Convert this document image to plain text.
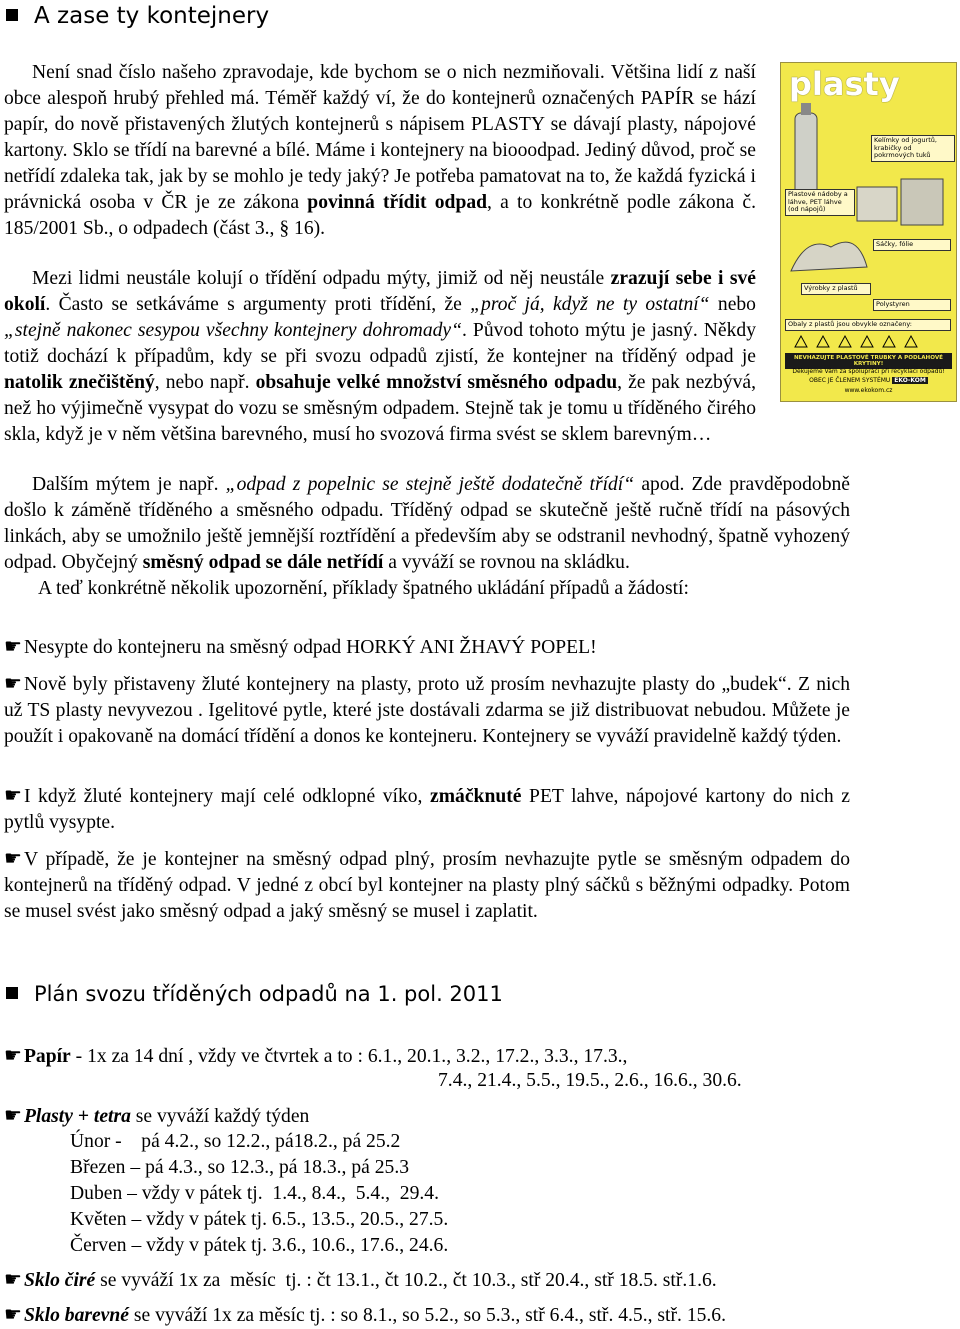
A zase ty kontejnery
plasty
Kelímky od jogurtů, krabičky od pokrmových tuků
Plastové nádoby a láhve, PET láhve (od nápojů)
Sáčky, fólie
Výrobky z plastů
Polystyren
Obaly z plastů jsou obvykle označeny:
NEVHAZUJTE PLASTOVÉ TRUBKY A PODLAHOVÉ KRYTINY!
Děkujeme Vám za spolupráci při recyklaci odpadů!
OBEC JE ČLENEM SYSTÉMU EKO-KOM
www.ekokom.cz

Není snad číslo našeho zpravodaje, kde bychom se o nich nezmiňovali. Většina lidí z naší obce alespoň hrubý přehled má. Téměř každý ví, že do kontejnerů označených PAPÍR se hází papír, do nově přistavených žlutých kontejnerů s nápisem PLASTY se dávají plasty, nápojové kartony. Sklo se třídí na barevné a bílé. Máme i kontejnery na biooodpad. Jediný důvod, proč se netřídí zdaleka tak, jak by se mohlo je tedy jaký? Je potřeba pamatovat na to, že každá fyzická i právnická osoba v ČR je ze zákona povinná třídit odpad, a to konkrétně podle zákona č. 185/2001 Sb., o odpadech (část 3., § 16).

Mezi lidmi neustále kolují o třídění odpadu mýty, jimiž od něj neustále zrazují sebe i své okolí. Často se setkáváme s argumenty proti třídění, že „proč já, když ne ty ostatní“ nebo „stejně nakonec sesypou všechny kontejnery dohromady“. Původ tohoto mýtu je jasný. Někdy totiž dochází k případům, kdy se při svozu odpadů zjistí, že kontejner na tříděný odpad je natolik znečištěný, nebo např. obsahuje velké množství směsného odpadu, že pak nezbývá, než ho výjimečně vysypat do vozu se směsným odpadem. Stejně tak je tomu u tříděného čirého skla, když je v něm většina barevného, musí ho svozová firma svést se sklem barevným…

Dalším mýtem je např. „odpad z popelnic se stejně ještě dodatečně třídí“ apod. Zde pravděpodobně došlo k záměně tříděného a směsného odpadu. Tříděný odpad se skutečně ještě ručně třídí na pásových linkách, aby se umožnilo ještě jemnější roztřídění a především aby se odstranil nevhodný, špatně vyhozený odpad. Obyčejný směsný odpad se dále netřídí a vyváží se rovnou na skládku.

A teď konkrétně několik upozornění, příklady špatného ukládání případů a žádostí:

☛ Nesypte do kontejneru na směsný odpad HORKÝ ANI ŽHAVÝ POPEL!

☛ Nově byly přistaveny žluté kontejnery na plasty, proto už prosím nevhazujte plasty do „budek“. Z nich už TS plasty nevyvezou . Igelitové pytle, které jste dostávali zdarma se již distribuovat nebudou. Můžete je použít i opakovaně na domácí třídění a donos ke kontejneru. Kontejnery se vyváží pravidelně každý týden.

☛ I když žluté kontejnery mají celé odklopné víko, zmáčknuté PET lahve, nápojové kartony do nich z pytlů vysypte.

☛ V případě, že je kontejner na směsný odpad plný, prosím nevhazujte pytle se směsným odpadem do kontejnerů na tříděný odpad. V jedné z obcí byl kontejner na plasty plný sáčků s běžnými odpadky. Potom se musel svést jako směsný odpad a jaký směsný se musel i zaplatit.

Plán svozu tříděných odpadů na 1. pol. 2011
☛ Papír - 1x za 14 dní , vždy ve čtvrtek a to : 6.1., 20.1., 3.2., 17.2., 3.3., 17.3.,
7.4., 21.4., 5.5., 19.5., 2.6., 16.6., 30.6.
☛ Plasty + tetra se vyváží každý týden
Únor -    pá 4.2., so 12.2., pá18.2., pá 25.2
Březen – pá 4.3., so 12.3., pá 18.3., pá 25.3
Duben – vždy v pátek tj.  1.4., 8.4.,  5.4.,  29.4.
Květen – vždy v pátek tj. 6.5., 13.5., 20.5., 27.5.
Červen – vždy v pátek tj. 3.6., 10.6., 17.6., 24.6.
☛ Sklo čiré se vyváží 1x za  měsíc  tj. : čt 13.1., čt 10.2., čt 10.3., stř 20.4., stř 18.5. stř.1.6.
☛ Sklo barevné se vyváží 1x za měsíc tj. : so 8.1., so 5.2., so 5.3., stř 6.4., stř. 4.5., stř. 15.6.
